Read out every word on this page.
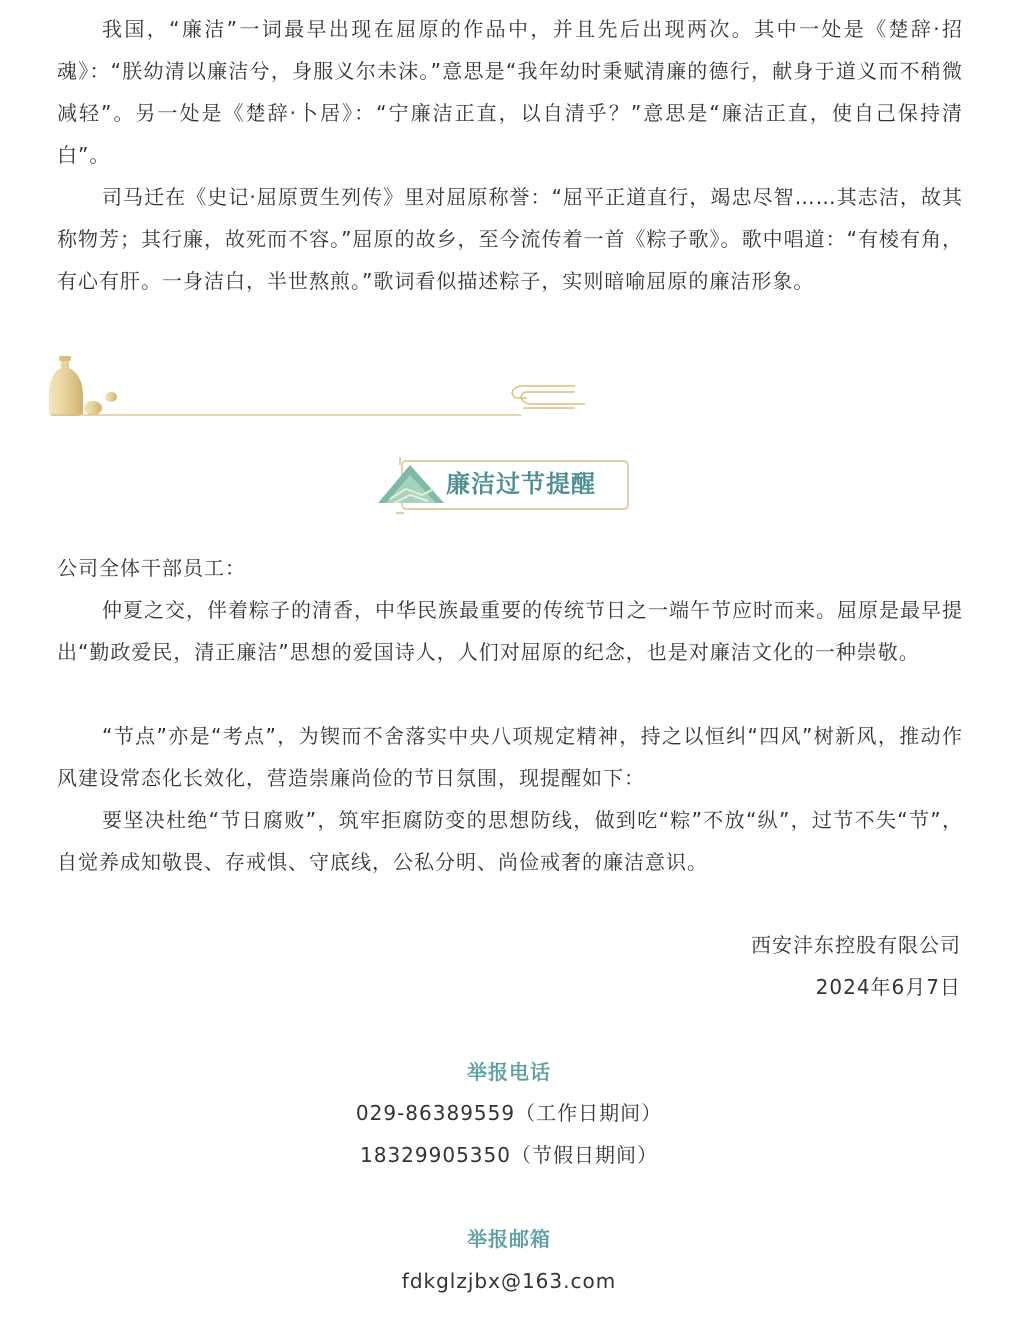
我国，“廉洁”一词最早出现在屈原的作品中，并且先后出现两次。其中一处是《楚辞·招魂》：“朕幼清以廉洁兮，身服义尔未沫。”意思是“我年幼时秉赋清廉的德行，献身于道义而不稍微减轻”。另一处是《楚辞·卜居》：“宁廉洁正直，以自清乎？”意思是“廉洁正直，使自己保持清白”。

司马迁在《史记·屈原贾生列传》里对屈原称誉：“屈平正道直行，竭忠尽智……其志洁，故其称物芳；其行廉，故死而不容。”屈原的故乡，至今流传着一首《粽子歌》。歌中唱道：“有棱有角，有心有肝。一身洁白，半世熬煎。”歌词看似描述粽子，实则暗喻屈原的廉洁形象。

廉洁过节提醒

公司全体干部员工：

仲夏之交，伴着粽子的清香，中华民族最重要的传统节日之一端午节应时而来。屈原是最早提出“勤政爱民，清正廉洁”思想的爱国诗人，人们对屈原的纪念，也是对廉洁文化的一种崇敬。

“节点”亦是“考点”，为锲而不舍落实中央八项规定精神，持之以恒纠“四风”树新风，推动作风建设常态化长效化，营造崇廉尚俭的节日氛围，现提醒如下：

要坚决杜绝“节日腐败”，筑牢拒腐防变的思想防线，做到吃“粽”不放“纵”，过节不失“节”，自觉养成知敬畏、存戒惧、守底线，公私分明、尚俭戒奢的廉洁意识。

西安沣东控股有限公司
2024年6月7日
举报电话
029-86389559（工作日期间）
18329905350（节假日期间）
举报邮箱
fdkglzjbx@163.com
